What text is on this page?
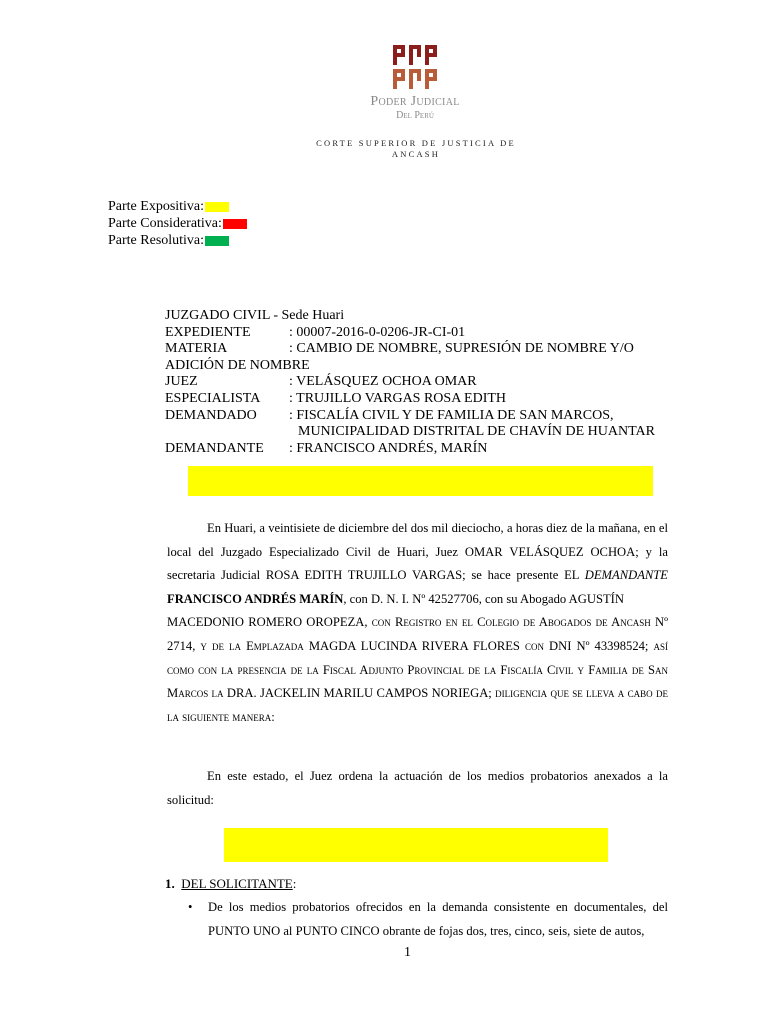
Poder Judicial
Del Perú
CORTE SUPERIOR DE JUSTICIA DE
ANCASH
Parte Expositiva:
Parte Considerativa:
Parte Resolutiva:
JUZGADO CIVIL - Sede Huari
EXPEDIENTE	: 00007-2016-0-0206-JR-CI-01
MATERIA	: CAMBIO DE NOMBRE, SUPRESIÓN DE NOMBRE Y/O
ADICIÓN DE NOMBRE
JUEZ	: VELÁSQUEZ OCHOA OMAR
ESPECIALISTA	: TRUJILLO VARGAS ROSA EDITH
DEMANDADO	: FISCALÍA CIVIL Y DE FAMILIA DE SAN MARCOS,
MUNICIPALIDAD DISTRITAL DE CHAVÍN DE HUANTAR
DEMANDANTE	: FRANCISCO ANDRÉS, MARÍN
En Huari, a veintisiete de diciembre del dos mil dieciocho, a horas diez de la mañana, en el local del Juzgado Especializado Civil de Huari, Juez OMAR VELÁSQUEZ OCHOA; y la secretaria Judicial ROSA EDITH TRUJILLO VARGAS; se hace presente EL DEMANDANTE FRANCISCO ANDRÉS MARÍN, con D. N. I. Nº 42527706, con su Abogado AGUSTÍN
MACEDONIO ROMERO OROPEZA, con Registro en el Colegio de Abogados de Ancash Nº 2714, y de la Emplazada MAGDA LUCINDA RIVERA FLORES con DNI Nº 43398524; así como con la presencia de la Fiscal Adjunto Provincial de la Fiscalía Civil y Familia de San Marcos la DRA. JACKELIN MARILU CAMPOS NORIEGA; diligencia que se lleva a cabo de la siguiente manera:
En este estado, el Juez ordena la actuación de los medios probatorios anexados a la solicitud:
1. DEL SOLICITANTE:
•	De los medios probatorios ofrecidos en la demanda consistente en documentales, del PUNTO UNO al PUNTO CINCO obrante de fojas dos, tres, cinco, seis, siete de autos,
1
